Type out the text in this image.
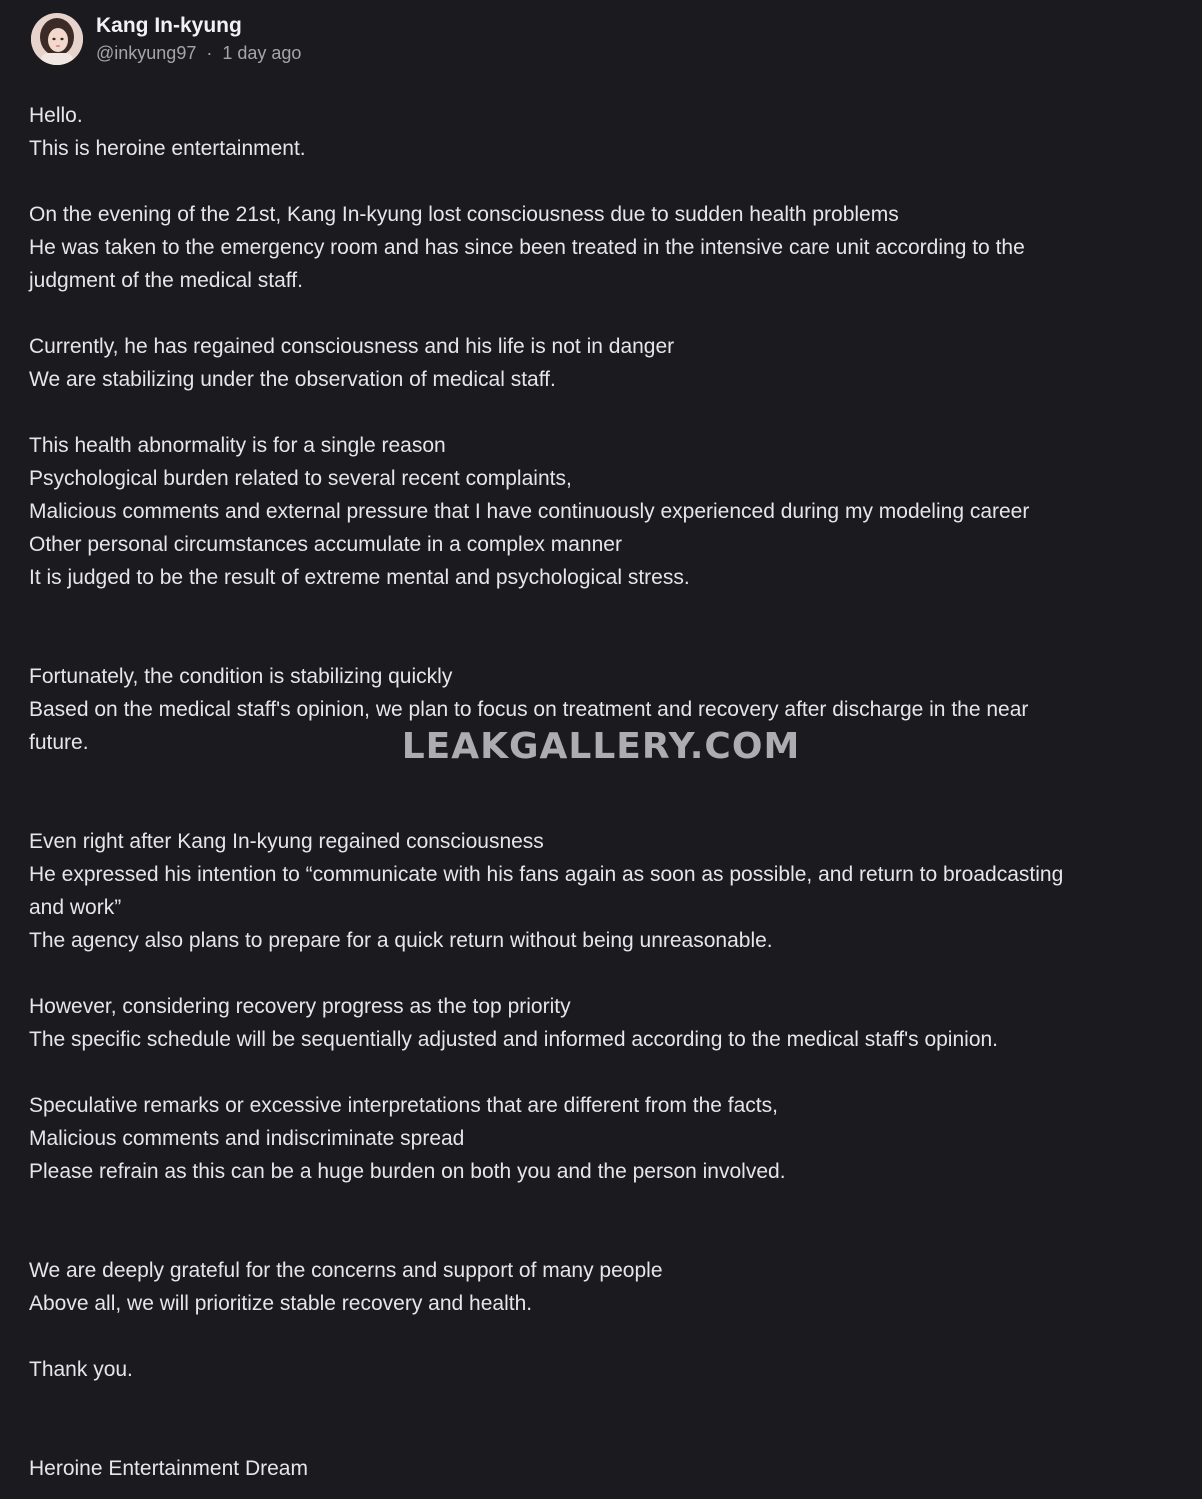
Kang In-kyung
@inkyung97 · 1 day ago

Hello.
This is heroine entertainment.

On the evening of the 21st, Kang In-kyung lost consciousness due to sudden health problems
He was taken to the emergency room and has since been treated in the intensive care unit according to the
judgment of the medical staff.

Currently, he has regained consciousness and his life is not in danger
We are stabilizing under the observation of medical staff.

This health abnormality is for a single reason
Psychological burden related to several recent complaints,
Malicious comments and external pressure that I have continuously experienced during my modeling career
Other personal circumstances accumulate in a complex manner
It is judged to be the result of extreme mental and psychological stress.

Fortunately, the condition is stabilizing quickly
Based on the medical staff's opinion, we plan to focus on treatment and recovery after discharge in the near
future.

Even right after Kang In-kyung regained consciousness
He expressed his intention to “communicate with his fans again as soon as possible, and return to broadcasting
and work”
The agency also plans to prepare for a quick return without being unreasonable.

However, considering recovery progress as the top priority
The specific schedule will be sequentially adjusted and informed according to the medical staff's opinion.

Speculative remarks or excessive interpretations that are different from the facts,
Malicious comments and indiscriminate spread
Please refrain as this can be a huge burden on both you and the person involved.

We are deeply grateful for the concerns and support of many people
Above all, we will prioritize stable recovery and health.

Thank you.

Heroine Entertainment Dream

LEAKGALLERY.COM
